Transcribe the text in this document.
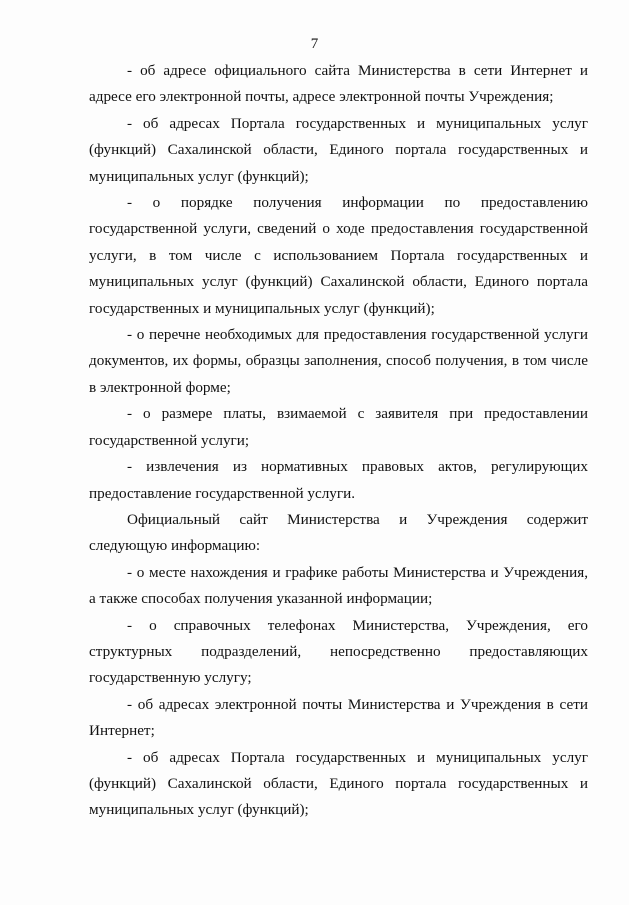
7

- об адресе официального сайта Министерства в сети Интернет и адресе его электронной почты, адресе электронной почты Учреждения;

- об адресах Портала государственных и муниципальных услуг (функций) Сахалинской области, Единого портала государственных и муниципальных услуг (функций);

- о порядке получения информации по предоставлению государственной услуги, сведений о ходе предоставления государственной услуги, в том числе с использованием Портала государственных и муниципальных услуг (функций) Сахалинской области, Единого портала государственных и муниципальных услуг (функций);

- о перечне необходимых для предоставления государственной услуги документов, их формы, образцы заполнения, способ получения, в том числе в электронной форме;

- о размере платы, взимаемой с заявителя при предоставлении государственной услуги;

- извлечения из нормативных правовых актов, регулирующих предоставление государственной услуги.

Официальный сайт Министерства и Учреждения содержит следующую информацию:

- о месте нахождения и графике работы Министерства и Учреждения, а также способах получения указанной информации;

- о справочных телефонах Министерства, Учреждения, его структурных подразделений, непосредственно предоставляющих государственную услугу;

- об адресах электронной почты Министерства и Учреждения в сети Интернет;

- об адресах Портала государственных и муниципальных услуг (функций) Сахалинской области, Единого портала государственных и муниципальных услуг (функций);
